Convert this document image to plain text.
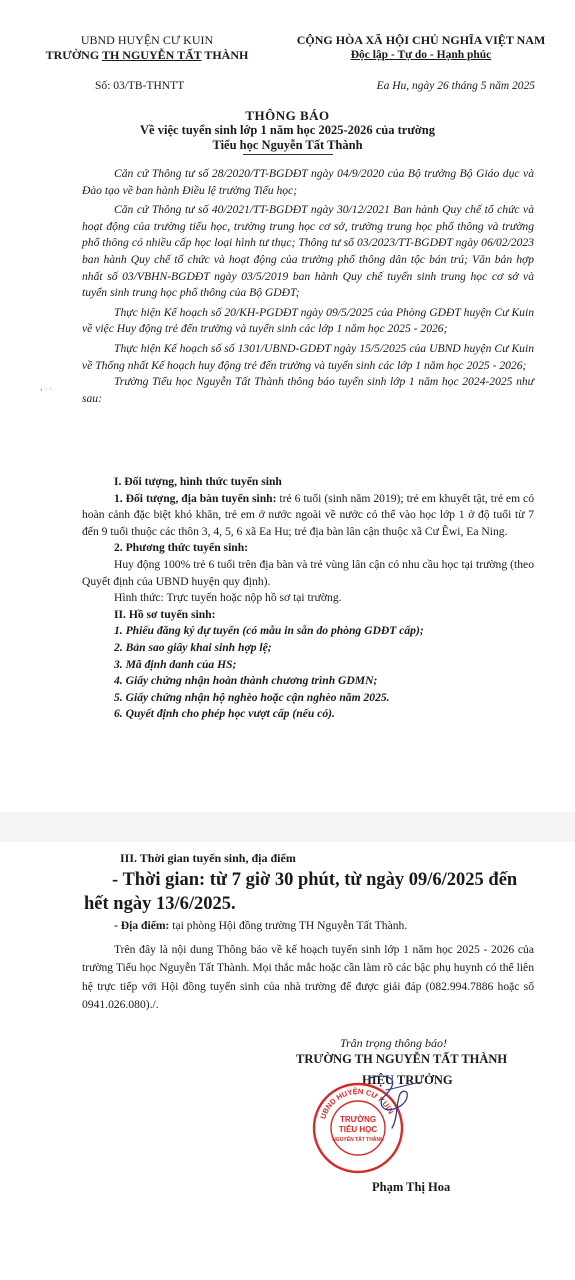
UBND HUYỆN CƯ KUIN
TRƯỜNG TH NGUYỄN TẤT THÀNH
CỘNG HÒA XÃ HỘI CHỦ NGHĨA VIỆT NAM
Độc lập - Tự do - Hạnh phúc
Số: 03/TB-THNTT	Ea Hu, ngày 26 tháng 5 năm 2025
THÔNG BÁO
Về việc tuyển sinh lớp 1 năm học 2025-2026 của trường
Tiểu học Nguyễn Tất Thành

Căn cứ Thông tư số 28/2020/TT-BGDĐT ngày 04/9/2020 của Bộ trưởng Bộ Giáo dục và Đào tạo về ban hành Điều lệ trường Tiểu học;

Căn cứ Thông tư số 40/2021/TT-BGDĐT ngày 30/12/2021 Ban hành Quy chế tổ chức và hoạt động của trường tiểu học, trường trung học cơ sở, trường trung học phổ thông và trường phổ thông có nhiều cấp học loại hình tư thục; Thông tư số 03/2023/TT-BGDĐT ngày 06/02/2023 ban hành Quy chế tổ chức và hoạt động của trường phổ thông dân tộc bán trú; Văn bản hợp nhất số 03/VBHN-BGDĐT ngày 03/5/2019 ban hành Quy chế tuyển sinh trung học cơ sở và tuyển sinh trung học phổ thông của Bộ GDĐT;

Thực hiện Kế hoạch số 20/KH-PGDĐT ngày 09/5/2025 của Phòng GDĐT huyện Cư Kuin về việc Huy động trẻ đến trường và tuyển sinh các lớp 1 năm học 2025 - 2026;

Thực hiện Kế hoạch số số 1301/UBND-GDĐT ngày 15/5/2025 của UBND huyện Cư Kuin về Thống nhất Kế hoạch huy động trẻ đến trường và tuyển sinh các lớp 1 năm học 2025 - 2026;

Trường Tiểu học Nguyễn Tất Thành thông báo tuyển sinh lớp 1 năm học 2024-2025 như sau:

‹ · ·

I. Đối tượng, hình thức tuyển sinh

1. Đối tượng, địa bàn tuyển sinh: trẻ 6 tuổi (sinh năm 2019); trẻ em khuyết tật, trẻ em có hoàn cảnh đặc biệt khó khăn, trẻ em ở nước ngoài về nước có thể vào học lớp 1 ở độ tuổi từ 7 đến 9 tuổi thuộc các thôn 3, 4, 5, 6 xã Ea Hu; trẻ địa bàn lân cận thuộc xã Cư Êwi, Ea Ning.

2. Phương thức tuyển sinh:

Huy động 100% trẻ 6 tuổi trên địa bàn và trẻ vùng lân cận có nhu cầu học tại trường (theo Quyết định của UBND huyện quy định).

Hình thức: Trực tuyến hoặc nộp hồ sơ tại trường.

II. Hồ sơ tuyển sinh:

1. Phiếu đăng ký dự tuyển (có mẫu in sẵn do phòng GDĐT cấp);

2. Bản sao giấy khai sinh hợp lệ;

3. Mã định danh của HS;

4. Giấy chứng nhận hoàn thành chương trình GDMN;

5. Giấy chứng nhận hộ nghèo hoặc cận nghèo năm 2025.

6. Quyết định cho phép học vượt cấp (nếu có).

III. Thời gian tuyển sinh, địa điểm

- Thời gian: từ 7 giờ 30 phút, từ ngày 09/6/2025 đến

hết ngày 13/6/2025.

- Địa điểm: tại phòng Hội đồng trường TH Nguyễn Tất Thành.

Trên đây là nội dung Thông báo về kế hoạch tuyển sinh lớp 1 năm học 2025 - 2026 của trường Tiểu học Nguyễn Tất Thành. Mọi thắc mắc hoặc cần làm rõ các bậc phụ huynh có thể liên hệ trực tiếp với Hội đồng tuyển sinh của nhà trường để được giải đáp (082.994.7886 hoặc số 0941.026.080)./.

Trân trọng thông báo!
TRƯỜNG TH NGUYỄN TẤT THÀNH
HIỆU TRƯỞNG
UBND HUYỆN CƯ KUIN
TRƯỜNG
TIỂU HỌC
NGUYỄN TẤT THÀNH
Phạm Thị Hoa
